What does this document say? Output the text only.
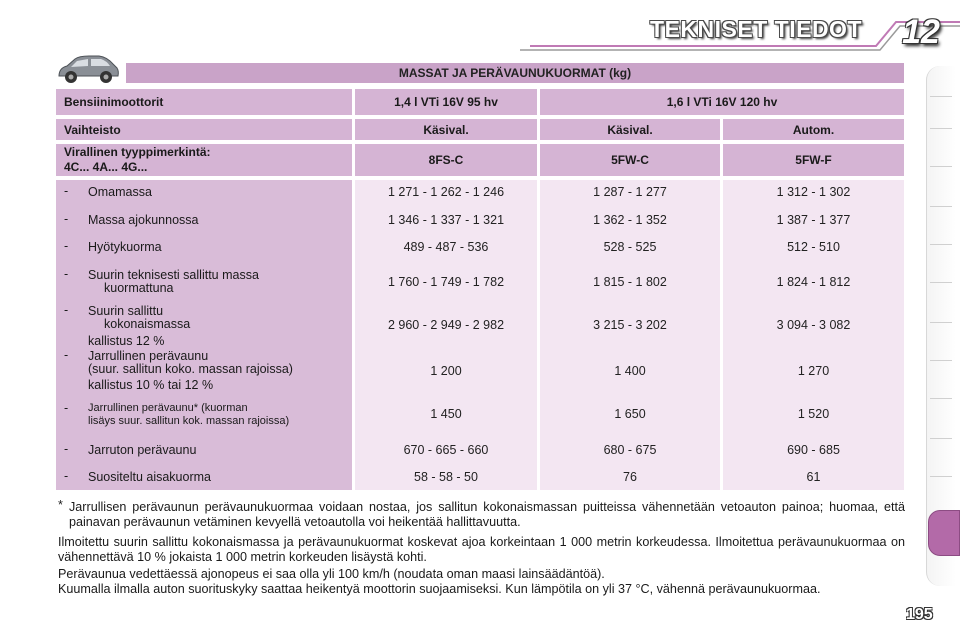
TEKNISET TIEDOT 12
MASSAT JA PERÄVAUNUKUORMAT (kg)
Bensiinimoottorit	1,4 l VTi 16V 95 hv	1,6 l VTi 16V 120 hv
Vaihteisto	Käsival.	Käsival.	Autom.
Virallinen tyyppimerkintä:
4C... 4A... 4G...	8FS-C	5FW-C	5FW-F
- Omamassa	1 271 - 1 262 - 1 246	1 287 - 1 277	1 312 - 1 302
- Massa ajokunnossa	1 346 - 1 337 - 1 321	1 362 - 1 352	1 387 - 1 377
- Hyötykuorma	489 - 487 - 536	528 - 525	512 - 510
- Suurin teknisesti sallittu massa
kuormattuna	1 760 - 1 749 - 1 782	1 815 - 1 802	1 824 - 1 812
- Suurin sallittu
kokonaismassa
kallistus 12 %
2 960 - 2 949 - 2 982	3 215 - 3 202	3 094 - 3 082
- Jarrullinen perävaunu
(suur. sallitun koko. massan rajoissa)
kallistus 10 % tai 12 %
1 200	1 400	1 270
- Jarrullinen perävaunu* (kuorman
lisäys suur. sallitun kok. massan rajoissa)	1 450	1 650	1 520
- Jarruton perävaunu	670 - 665 - 660	680 - 675	690 - 685
- Suositeltu aisakuorma	58 - 58 - 50	76	61
* Jarrullisen perävaunun perävaunukuormaa voidaan nostaa, jos sallitun kokonaismassan puitteissa vähennetään vetoauton painoa; huomaa, että painavan perävaunun vetäminen kevyellä vetoautolla voi heikentää hallittavuutta.
Ilmoitettu suurin sallittu kokonaismassa ja perävaunukuormat koskevat ajoa korkeintaan 1 000 metrin korkeudessa. Ilmoitettua perävaunukuormaa on vähennettävä 10 % jokaista 1 000 metrin korkeuden lisäystä kohti.
Perävaunua vedettäessä ajonopeus ei saa olla yli 100 km/h (noudata oman maasi lainsäädäntöä).
Kuumalla ilmalla auton suorituskyky saattaa heikentyä moottorin suojaamiseksi. Kun lämpötila on yli 37 °C, vähennä perävaunukuormaa.
195
